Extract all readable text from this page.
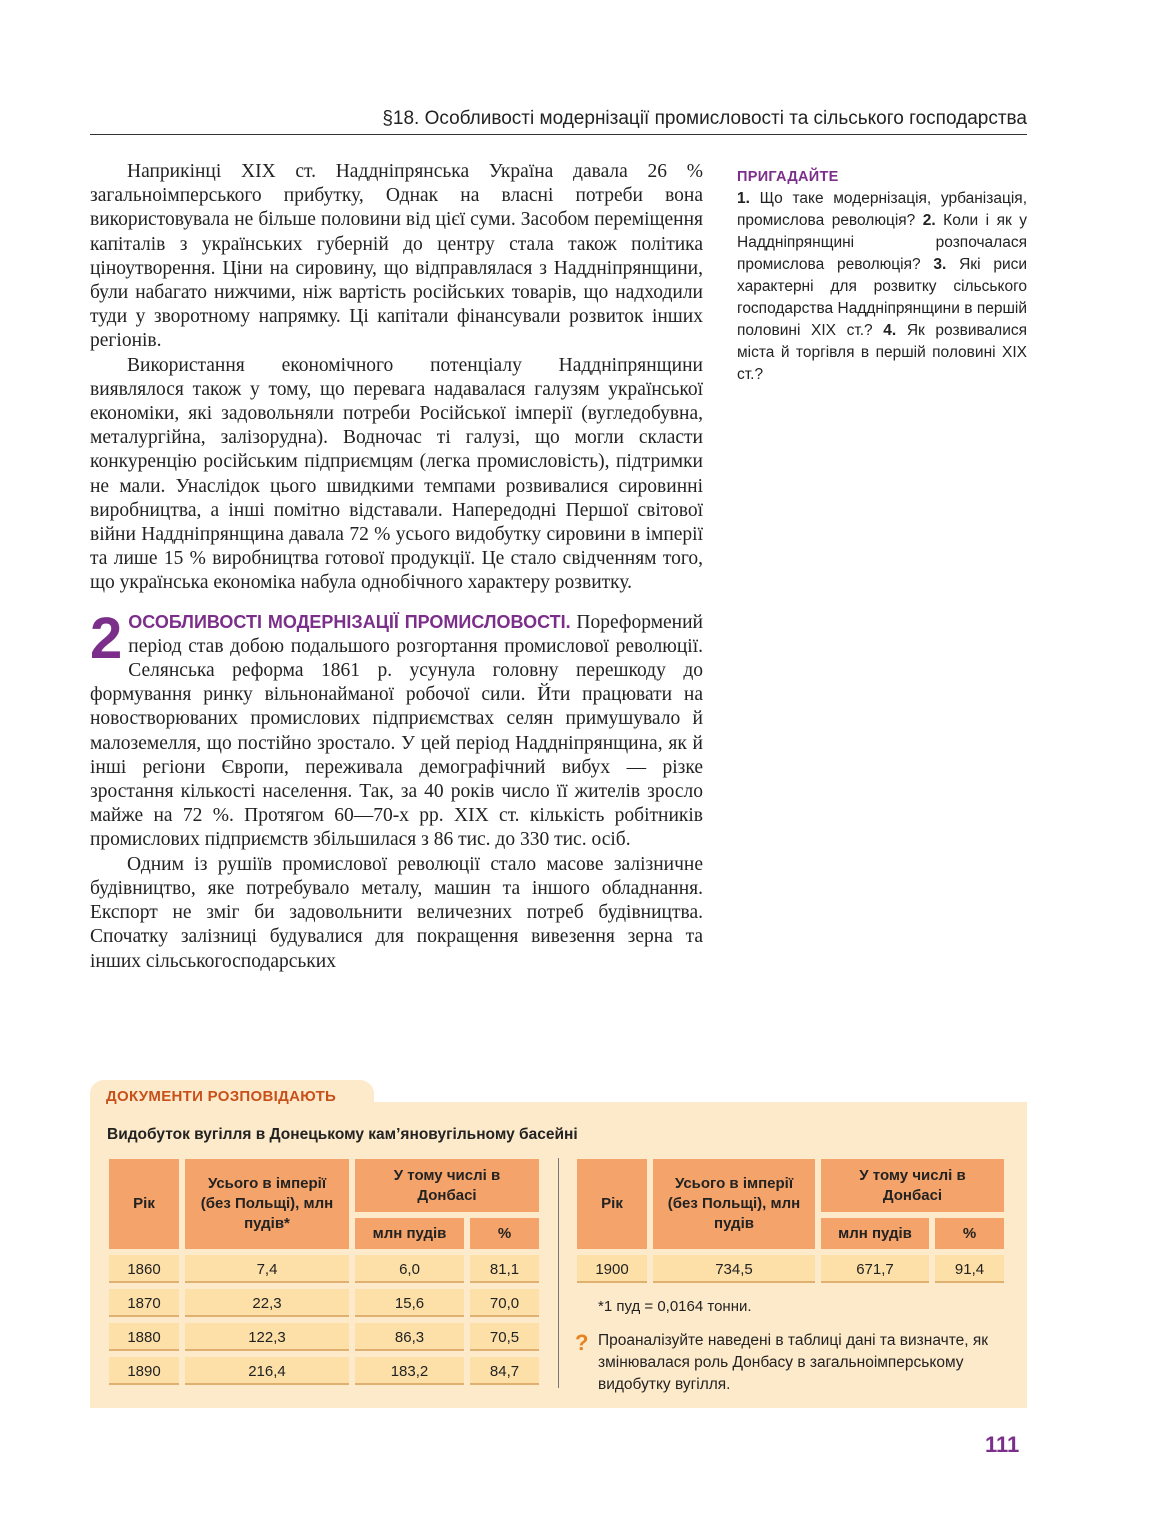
§18. Особливості модернізації промисловості та сільського господарства

Наприкінці XIX ст. Наддніпрянська Україна давала 26 % загальноімперського прибутку, Однак на власні потреби вона використовувала не більше половини від цієї суми. Засобом переміщення капіталів з українських губерній до центру стала також політика ціноутворення. Ціни на сировину, що відправлялася з Наддніпрянщини, були набагато нижчими, ніж вартість російських товарів, що надходили туди у зворотному напрямку. Ці капітали фінансували розвиток інших регіонів.

Використання економічного потенціалу Наддніпрянщини виявлялося також у тому, що перевага надавалася галузям української економіки, які задовольняли потреби Російської імперії (вугледобувна, металургійна, залізорудна). Водночас ті галузі, що могли скласти конкуренцію російським підприємцям (легка промисловість), підтримки не мали. Унаслідок цього швидкими темпами розвивалися сировинні виробництва, а інші помітно відставали. Напередодні Першої світової війни Наддніпрянщина давала 72 % усього видобутку сировини в імперії та лише 15 % виробництва готової продукції. Це стало свідченням того, що українська економіка набула однобічного характеру розвитку.

2 ОСОБЛИВОСТІ МОДЕРНІЗАЦІЇ ПРОМИСЛОВОСТІ. Пореформений період став добою подальшого розгортання промислової революції. Селянська реформа 1861 р. усунула головну перешкоду до формування ринку вільнонайманої робочої сили. Йти працювати на новостворюваних промислових підприємствах селян примушувало й малоземелля, що постійно зростало. У цей період Наддніпрянщина, як й інші регіони Європи, переживала демографічний вибух — різке зростання кількості населення. Так, за 40 років число її жителів зросло майже на 72 %. Протягом 60—70-х рр. XIX ст. кількість робітників промислових підприємств збільшилася з 86 тис. до 330 тис. осіб.

Одним із рушіїв промислової революції стало масове залізничне будівництво, яке потребувало металу, машин та іншого обладнання. Експорт не зміг би задовольнити величезних потреб будівництва. Спочатку залізниці будувалися для покращення вивезення зерна та інших сільськогосподарських

ПРИГАДАЙТЕ
1. Що таке модернізація, урбанізація, промислова революція? 2. Коли і як у Наддніпрянщині розпочалася промислова революція? 3. Які риси характерні для розвитку сільського господарства Наддніпрянщини в першій половині XIX ст.? 4. Як розвивалися міста й торгівля в першій половині XIX ст.?
ДОКУМЕНТИ РОЗПОВІДАЮТЬ
Видобуток вугілля в Донецькому кам’яновугільному басейні
Рік
Усього в імперії (без Польщі), млн пудів*
У тому числі в Донбасі
млн пудів	%
1860	7,4	6,0	81,1
1870	22,3	15,6	70,0
1880	122,3	86,3	70,5
1890	216,4	183,2	84,7
Рік
Усього в імперії (без Польщі), млн пудів
У тому числі в Донбасі
млн пудів	%
1900	734,5	671,7	91,4
*1 пуд = 0,0164 тонни.
? Проаналізуйте наведені в таблиці дані та визначте, як змінювалася роль Донбасу в загальноімперському видобутку вугілля.
111
